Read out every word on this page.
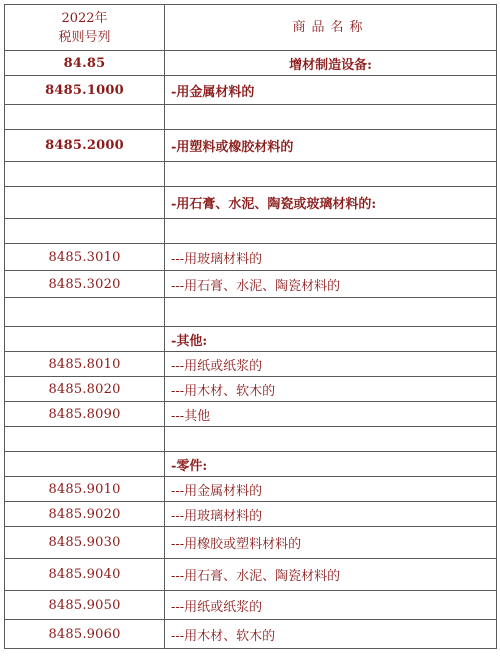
2022年
税则号列	商品名称
84.85	增材制造设备:
8485.1000	-用金属材料的

8485.2000	-用塑料或橡胶材料的

	-用石膏、水泥、陶瓷或玻璃材料的:

8485.3010	---用玻璃材料的
8485.3020	---用石膏、水泥、陶瓷材料的

	-其他:
8485.8010	---用纸或纸浆的
8485.8020	---用木材、软木的
8485.8090	---其他

	-零件:
8485.9010	---用金属材料的
8485.9020	---用玻璃材料的
8485.9030	---用橡胶或塑料材料的
8485.9040	---用石膏、水泥、陶瓷材料的
8485.9050	---用纸或纸浆的
8485.9060	---用木材、软木的
